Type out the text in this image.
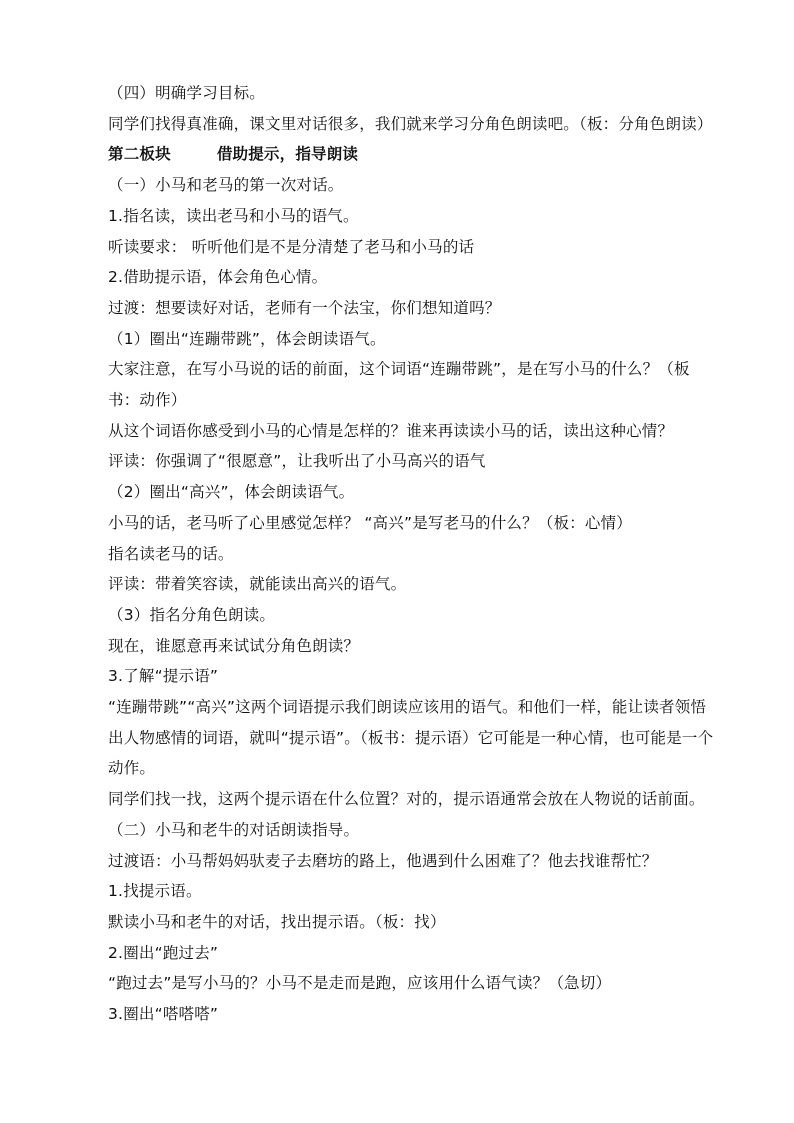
（四）明确学习目标。
同学们找得真准确，课文里对话很多，我们就来学习分角色朗读吧。（板：分角色朗读）
第二板块	借助提示，指导朗读
（一）小马和老马的第一次对话。
1.指名读，读出老马和小马的语气。
听读要求： 听听他们是不是分清楚了老马和小马的话
2.借助提示语，体会角色心情。
过渡：想要读好对话，老师有一个法宝，你们想知道吗？
（1）圈出“连蹦带跳”，体会朗读语气。
大家注意，在写小马说的话的前面，这个词语“连蹦带跳”，是在写小马的什么？（板书：动作）
从这个词语你感受到小马的心情是怎样的？谁来再读读小马的话，读出这种心情？
评读：你强调了“很愿意”，让我听出了小马高兴的语气
（2）圈出“高兴”，体会朗读语气。
小马的话，老马听了心里感觉怎样？ “高兴”是写老马的什么？（板：心情）
指名读老马的话。
评读：带着笑容读，就能读出高兴的语气。
（3）指名分角色朗读。
现在，谁愿意再来试试分角色朗读？
3.了解“提示语”
“连蹦带跳”“高兴”这两个词语提示我们朗读应该用的语气。和他们一样，能让读者领悟出人物感情的词语，就叫“提示语”。（板书：提示语）它可能是一种心情，也可能是一个动作。
同学们找一找，这两个提示语在什么位置？对的，提示语通常会放在人物说的话前面。
（二）小马和老牛的对话朗读指导。
过渡语：小马帮妈妈驮麦子去磨坊的路上，他遇到什么困难了？他去找谁帮忙？
1.找提示语。
默读小马和老牛的对话，找出提示语。（板：找）
2.圈出“跑过去”
“跑过去”是写小马的？小马不是走而是跑，应该用什么语气读？（急切）
3.圈出“嗒嗒嗒”
